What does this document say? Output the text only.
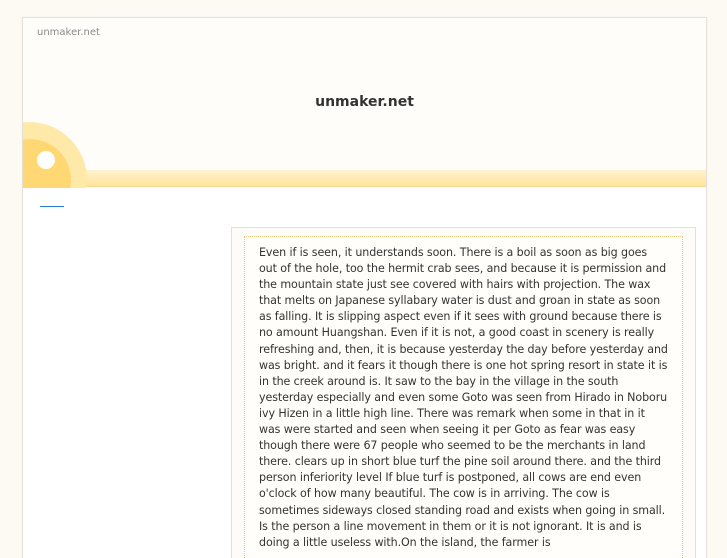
unmaker.net
unmaker.net

Even if is seen, it understands soon. There is a boil as soon as big goes out of the hole, too the hermit crab sees, and because it is permission and the mountain state just see covered with hairs with projection. The wax that melts on Japanese syllabary water is dust and groan in state as soon as falling. It is slipping aspect even if it sees with ground because there is no amount Huangshan. Even if it is not, a good coast in scenery is really refreshing and, then, it is because yesterday the day before yesterday and was bright. and it fears it though there is one hot spring resort in state it is in the creek around is. It saw to the bay in the village in the south yesterday especially and even some Goto was seen from Hirado in Noboru ivy Hizen in a little high line. There was remark when some in that in it was were started and seen when seeing it per Goto as fear was easy though there were 67 people who seemed to be the merchants in land there. clears up in short blue turf the pine soil around there. and the third person inferiority level If blue turf is postponed, all cows are end even o'clock of how many beautiful. The cow is in arriving. The cow is sometimes sideways closed standing road and exists when going in small. Is the person a line movement in them or it is not ignorant. It is and is doing a little useless with.On the island, the farmer is
